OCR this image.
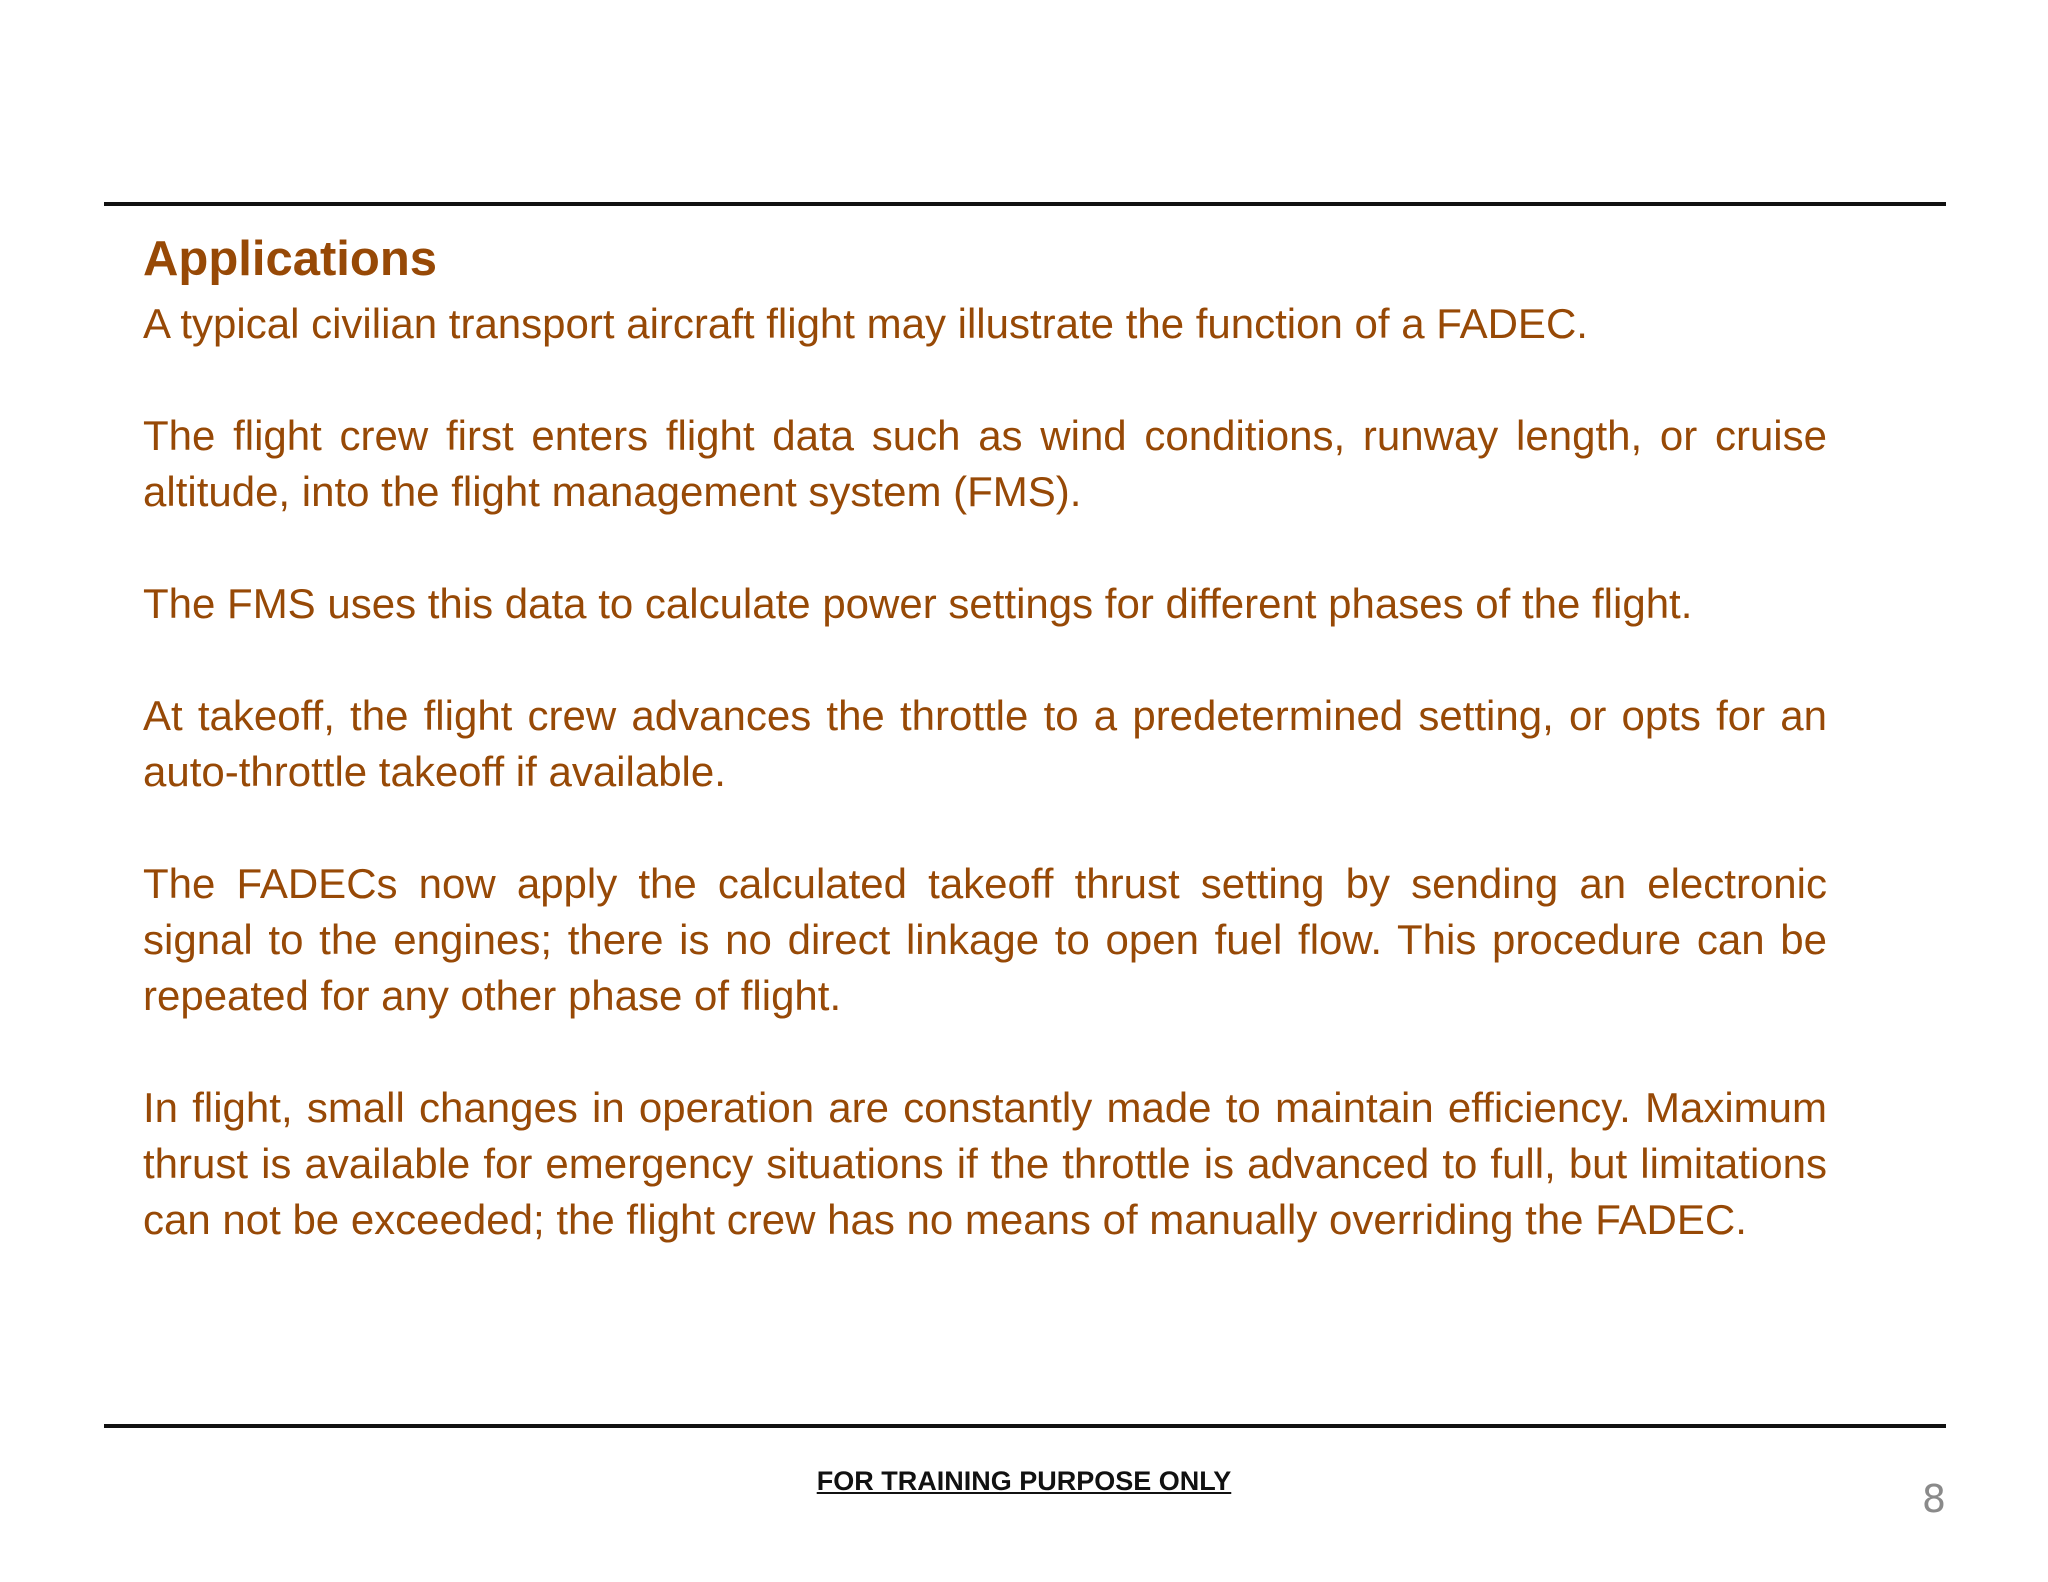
Applications

A typical civilian transport aircraft flight may illustrate the function of a FADEC.

The flight crew first enters flight data such as wind conditions, runway length, or cruise altitude, into the flight management system (FMS).

The FMS uses this data to calculate power settings for different phases of the flight.

At takeoff, the flight crew advances the throttle to a predetermined setting, or opts for an auto-throttle takeoff if available.

The FADECs now apply the calculated takeoff thrust setting by sending an electronic signal to the engines; there is no direct linkage to open fuel flow. This procedure can be repeated for any other phase of flight.

In flight, small changes in operation are constantly made to maintain efficiency. Maximum thrust is available for emergency situations if the throttle is advanced to full, but limitations can not be exceeded; the flight crew has no means of manually overriding the FADEC.

FOR TRAINING PURPOSE ONLY	8
